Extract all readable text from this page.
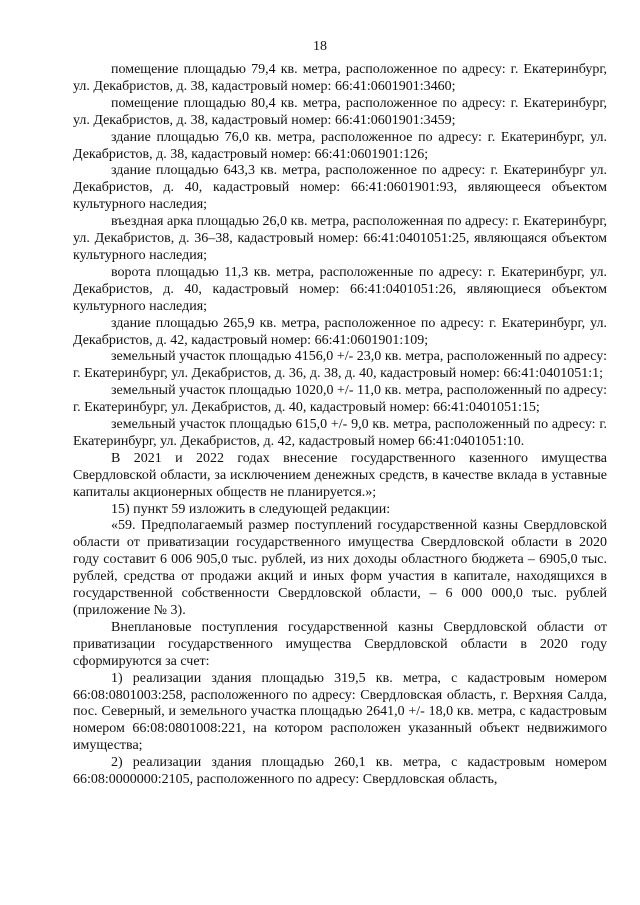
18

помещение площадью 79,4 кв. метра, расположенное по адресу: г. Екатеринбург, ул. Декабристов, д. 38, кадастровый номер: 66:41:0601901:3460;

помещение площадью 80,4 кв. метра, расположенное по адресу: г. Екатеринбург, ул. Декабристов, д. 38, кадастровый номер: 66:41:0601901:3459;

здание площадью 76,0 кв. метра, расположенное по адресу: г. Екатеринбург, ул. Декабристов, д. 38, кадастровый номер: 66:41:0601901:126;

здание площадью 643,3 кв. метра, расположенное по адресу: г. Екатеринбург ул. Декабристов, д. 40, кадастровый номер: 66:41:0601901:93, являющееся объектом культурного наследия;

въездная арка площадью 26,0 кв. метра, расположенная по адресу: г. Екатеринбург, ул. Декабристов, д. 36–38, кадастровый номер: 66:41:0401051:25, являющаяся объектом культурного наследия;

ворота площадью 11,3 кв. метра, расположенные по адресу: г. Екатеринбург, ул. Декабристов, д. 40, кадастровый номер: 66:41:0401051:26, являющиеся объектом культурного наследия;

здание площадью 265,9 кв. метра, расположенное по адресу: г. Екатеринбург, ул. Декабристов, д. 42, кадастровый номер: 66:41:0601901:109;

земельный участок площадью 4156,0 +/- 23,0 кв. метра, расположенный по адресу: г. Екатеринбург, ул. Декабристов, д. 36, д. 38, д. 40, кадастровый номер: 66:41:0401051:1;

земельный участок площадью 1020,0 +/- 11,0 кв. метра, расположенный по адресу: г. Екатеринбург, ул. Декабристов, д. 40, кадастровый номер: 66:41:0401051:15;

земельный участок площадью 615,0 +/- 9,0 кв. метра, расположенный по адресу: г. Екатеринбург, ул. Декабристов, д. 42, кадастровый номер 66:41:0401051:10.

В 2021 и 2022 годах внесение государственного казенного имущества Свердловской области, за исключением денежных средств, в качестве вклада в уставные капиталы акционерных обществ не планируется.»;

15) пункт 59 изложить в следующей редакции:

«59. Предполагаемый размер поступлений государственной казны Свердловской области от приватизации государственного имущества Свердловской области в 2020 году составит 6 006 905,0 тыс. рублей, из них доходы областного бюджета – 6905,0 тыс. рублей, средства от продажи акций и иных форм участия в капитале, находящихся в государственной собственности Свердловской области, – 6 000 000,0 тыс. рублей (приложение № 3).

Внеплановые поступления государственной казны Свердловской области от приватизации государственного имущества Свердловской области в 2020 году сформируются за счет:

1) реализации здания площадью 319,5 кв. метра, с кадастровым номером 66:08:0801003:258, расположенного по адресу: Свердловская область, г. Верхняя Салда, пос. Северный, и земельного участка площадью 2641,0 +/- 18,0 кв. метра, с кадастровым номером 66:08:0801008:221, на котором расположен указанный объект недвижимого имущества;

2) реализации здания площадью 260,1 кв. метра, с кадастровым номером 66:08:0000000:2105, расположенного по адресу: Свердловская область,
